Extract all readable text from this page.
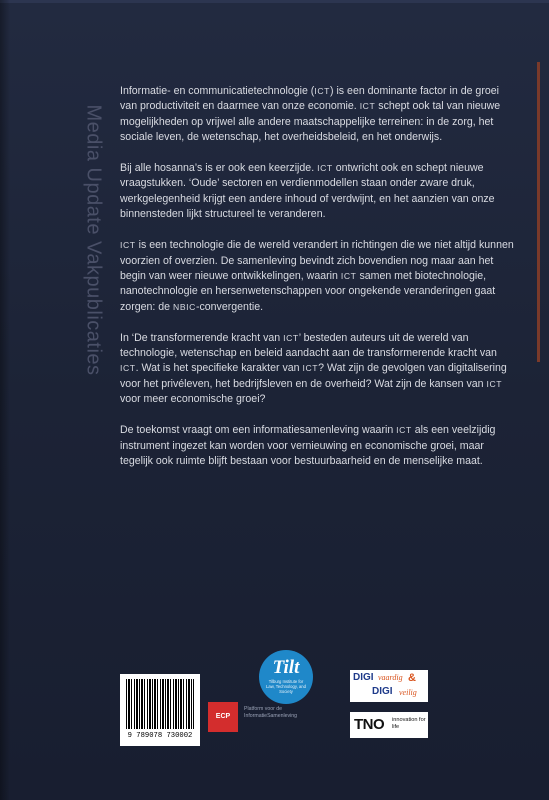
Media Update Vakpublicaties

Informatie- en communicatietechnologie (ICT) is een dominante factor in de groei van productiviteit en daarmee van onze economie. ICT schept ook tal van nieuwe mogelijkheden op vrijwel alle andere maatschappelijke terreinen: in de zorg, het sociale leven, de wetenschap, het overheidsbeleid, en het onderwijs.

Bij alle hosanna’s is er ook een keerzijde. ICT ontwricht ook en schept nieuwe vraagstukken. ‘Oude’ sectoren en verdienmodellen staan onder zware druk, werkgelegenheid krijgt een andere inhoud of verdwijnt, en het aanzien van onze binnensteden lijkt structureel te veranderen.

ICT is een technologie die de wereld verandert in richtingen die we niet altijd kunnen voorzien of overzien. De samenleving bevindt zich bovendien nog maar aan het begin van weer nieuwe ontwikkelingen, waarin ICT samen met biotechnologie, nanotechnologie en hersenwetenschappen voor ongekende veranderingen gaat zorgen: de NBIC-convergentie.

In ‘De transformerende kracht van ICT’ besteden auteurs uit de wereld van technologie, wetenschap en beleid aandacht aan de transformerende kracht van ICT. Wat is het specifieke karakter van ICT? Wat zijn de gevolgen van digitalisering voor het privéleven, het bedrijfsleven en de overheid? Wat zijn de kansen van ICT voor meer economische groei?

De toekomst vraagt om een informatiesamenleving waarin ICT als een veelzijdig instrument ingezet kan worden voor vernieuwing en economische groei, maar tegelijk ook ruimte blijft bestaan voor bestuurbaarheid en de menselijke maat.

Tilt
Tilburg Institute for Law, Technology, and Society
ECP
Platform voor de InformatieSamenleving
DIGI vaardig &
DIGI veilig
TNO innovation for life
9 789078 730002
